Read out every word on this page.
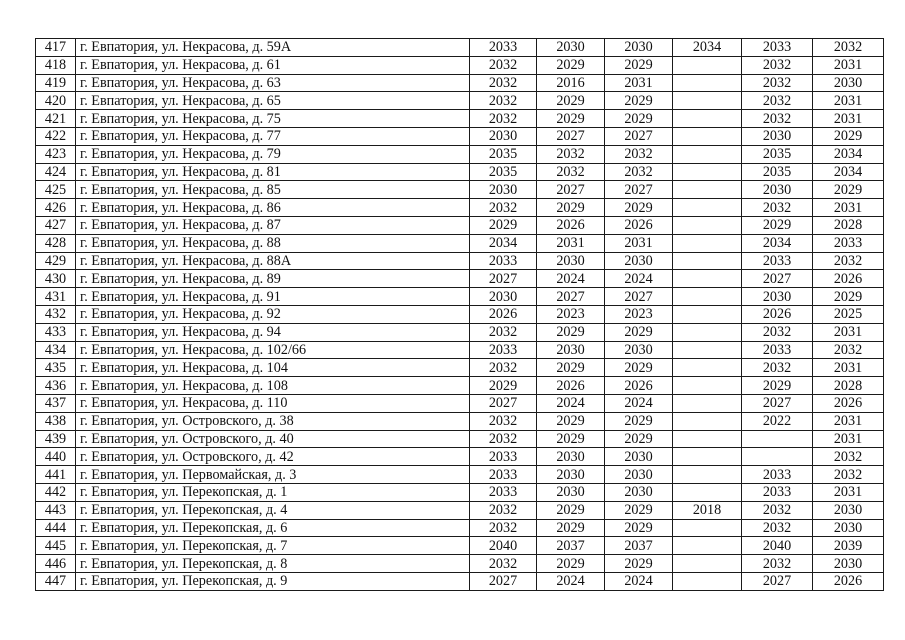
417	г. Евпатория, ул. Некрасова, д. 59А	2033	2030	2030	2034	2033	2032
418	г. Евпатория, ул. Некрасова, д. 61	2032	2029	2029		2032	2031
419	г. Евпатория, ул. Некрасова, д. 63	2032	2016	2031		2032	2030
420	г. Евпатория, ул. Некрасова, д. 65	2032	2029	2029		2032	2031
421	г. Евпатория, ул. Некрасова, д. 75	2032	2029	2029		2032	2031
422	г. Евпатория, ул. Некрасова, д. 77	2030	2027	2027		2030	2029
423	г. Евпатория, ул. Некрасова, д. 79	2035	2032	2032		2035	2034
424	г. Евпатория, ул. Некрасова, д. 81	2035	2032	2032		2035	2034
425	г. Евпатория, ул. Некрасова, д. 85	2030	2027	2027		2030	2029
426	г. Евпатория, ул. Некрасова, д. 86	2032	2029	2029		2032	2031
427	г. Евпатория, ул. Некрасова, д. 87	2029	2026	2026		2029	2028
428	г. Евпатория, ул. Некрасова, д. 88	2034	2031	2031		2034	2033
429	г. Евпатория, ул. Некрасова, д. 88А	2033	2030	2030		2033	2032
430	г. Евпатория, ул. Некрасова, д. 89	2027	2024	2024		2027	2026
431	г. Евпатория, ул. Некрасова, д. 91	2030	2027	2027		2030	2029
432	г. Евпатория, ул. Некрасова, д. 92	2026	2023	2023		2026	2025
433	г. Евпатория, ул. Некрасова, д. 94	2032	2029	2029		2032	2031
434	г. Евпатория, ул. Некрасова, д. 102/66	2033	2030	2030		2033	2032
435	г. Евпатория, ул. Некрасова, д. 104	2032	2029	2029		2032	2031
436	г. Евпатория, ул. Некрасова, д. 108	2029	2026	2026		2029	2028
437	г. Евпатория, ул. Некрасова, д. 110	2027	2024	2024		2027	2026
438	г. Евпатория, ул. Островского, д. 38	2032	2029	2029		2022	2031
439	г. Евпатория, ул. Островского, д. 40	2032	2029	2029			2031
440	г. Евпатория, ул. Островского, д. 42	2033	2030	2030			2032
441	г. Евпатория, ул. Первомайская, д. 3	2033	2030	2030		2033	2032
442	г. Евпатория, ул. Перекопская, д. 1	2033	2030	2030		2033	2031
443	г. Евпатория, ул. Перекопская, д. 4	2032	2029	2029	2018	2032	2030
444	г. Евпатория, ул. Перекопская, д. 6	2032	2029	2029		2032	2030
445	г. Евпатория, ул. Перекопская, д. 7	2040	2037	2037		2040	2039
446	г. Евпатория, ул. Перекопская, д. 8	2032	2029	2029		2032	2030
447	г. Евпатория, ул. Перекопская, д. 9	2027	2024	2024		2027	2026
